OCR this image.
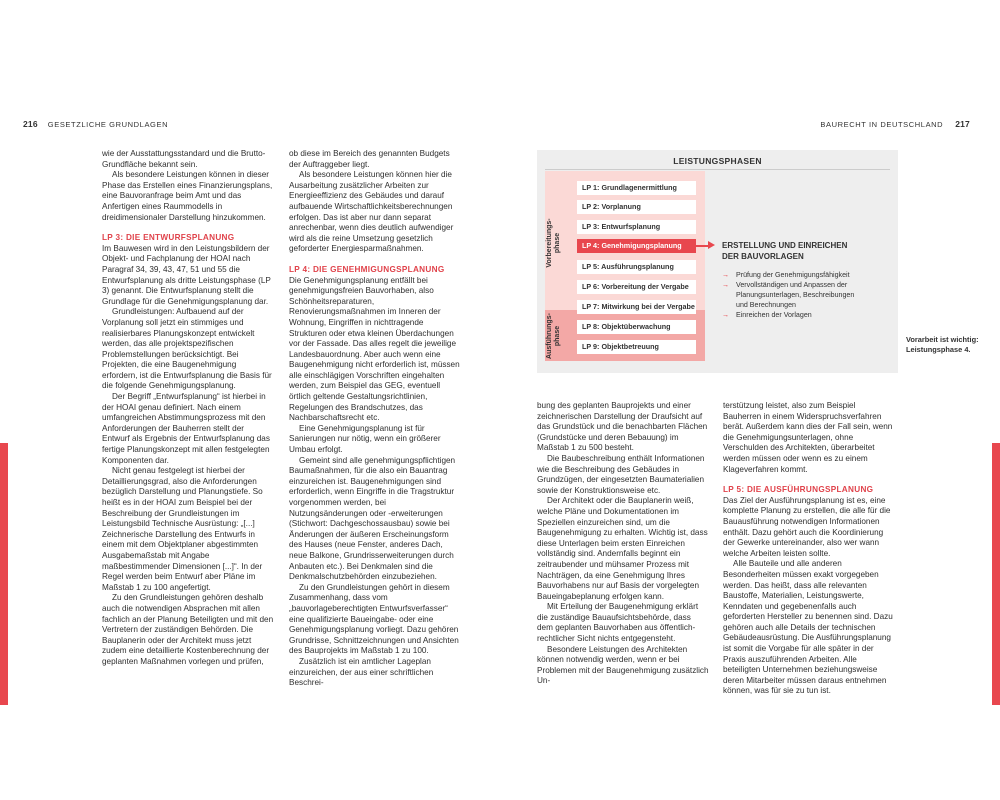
216 GESETZLICHE GRUNDLAGEN	BAURECHT IN DEUTSCHLAND 217

wie der Ausstattungsstandard und die Brutto-Grundfläche bekannt sein.

Als besondere Leistungen können in dieser Phase das Erstellen eines Finanzierungsplans, eine Bauvoranfrage beim Amt und das Anfertigen eines Raummodells in dreidimensionaler Darstellung hinzukommen.

LP 3: DIE ENTWURFSPLANUNG

Im Bauwesen wird in den Leistungsbildern der Objekt- und Fachplanung der HOAI nach Paragraf 34, 39, 43, 47, 51 und 55 die Entwurfsplanung als dritte Leistungsphase (LP 3) genannt. Die Entwurfsplanung stellt die Grundlage für die Genehmigungsplanung dar.

Grundleistungen: Aufbauend auf der Vorplanung soll jetzt ein stimmiges und realisierbares Planungskonzept entwickelt werden, das alle projektspezifischen Problemstellungen berücksichtigt. Bei Projekten, die eine Baugenehmigung erfordern, ist die Entwurfsplanung die Basis für die folgende Genehmigungsplanung.

Der Begriff „Entwurfsplanung“ ist hierbei in der HOAI genau definiert. Nach einem umfangreichen Abstimmungsprozess mit den Anforderungen der Bauherren stellt der Entwurf als Ergebnis der Entwurfsplanung das fertige Planungskonzept mit allen festgelegten Komponenten dar.

Nicht genau festgelegt ist hierbei der Detaillierungsgrad, also die Anforderungen bezüglich Darstellung und Planungstiefe. So heißt es in der HOAI zum Beispiel bei der Beschreibung der Grundleistungen im Leistungsbild Technische Ausrüstung: „[...] Zeichnerische Darstellung des Entwurfs in einem mit dem Objektplaner abgestimmten Ausgabemaßstab mit Angabe maßbestimmender Dimensionen [...]“. In der Regel werden beim Entwurf aber Pläne im Maßstab 1 zu 100 angefertigt.

Zu den Grundleistungen gehören deshalb auch die notwendigen Absprachen mit allen fachlich an der Planung Beteiligten und mit den Vertretern der zuständigen Behörden. Die Bauplanerin oder der Architekt muss jetzt zudem eine detaillierte Kostenberechnung der geplanten Maßnahmen vorlegen und prüfen,

ob diese im Bereich des genannten Budgets der Auftraggeber liegt.

Als besondere Leistungen können hier die Ausarbeitung zusätzlicher Arbeiten zur Energieeffizienz des Gebäudes und darauf aufbauende Wirtschaftlichkeitsberechnungen erfolgen. Das ist aber nur dann separat anrechenbar, wenn dies deutlich aufwendiger wird als die reine Umsetzung gesetzlich geforderter Energiesparmaßnahmen.

LP 4: DIE GENEHMIGUNGSPLANUNG

Die Genehmigungsplanung entfällt bei genehmigungsfreien Bauvorhaben, also Schönheitsreparaturen, Renovierungsmaßnahmen im Inneren der Wohnung, Eingriffen in nichttragende Strukturen oder etwa kleinen Überdachungen vor der Fassade. Das alles regelt die jeweilige Landesbauordnung. Aber auch wenn eine Baugenehmigung nicht erforderlich ist, müssen alle einschlägigen Vorschriften eingehalten werden, zum Beispiel das GEG, eventuell örtlich geltende Gestaltungsrichtlinien, Regelungen des Brandschutzes, das Nachbarschaftsrecht etc.

Eine Genehmigungsplanung ist für Sanierungen nur nötig, wenn ein größerer Umbau erfolgt.

Gemeint sind alle genehmigungspflichtigen Baumaßnahmen, für die also ein Bauantrag einzureichen ist. Baugenehmigungen sind erforderlich, wenn Eingriffe in die Tragstruktur vorgenommen werden, bei Nutzungsänderungen oder -erweiterungen (Stichwort: Dachgeschossausbau) sowie bei Änderungen der äußeren Erscheinungsform des Hauses (neue Fenster, anderes Dach, neue Balkone, Grundrisserweiterungen durch Anbauten etc.). Bei Denkmalen sind die Denkmalschutzbehörden einzubeziehen.

Zu den Grundleistungen gehört in diesem Zusammenhang, dass vom „bauvorlageberechtigten Entwurfsverfasser“ eine qualifizierte Baueingabe- oder eine Genehmigungsplanung vorliegt. Dazu gehören Grundrisse, Schnittzeichnungen und Ansichten des Bauprojekts im Maßstab 1 zu 100.

Zusätzlich ist ein amtlicher Lageplan einzureichen, der aus einer schriftlichen Beschrei-

bung des geplanten Bauprojekts und einer zeichnerischen Darstellung der Draufsicht auf das Grundstück und die benachbarten Flächen (Grundstücke und deren Bebauung) im Maßstab 1 zu 500 besteht.

Die Baubeschreibung enthält Informationen wie die Beschreibung des Gebäudes in Grundzügen, der eingesetzten Baumaterialien sowie der Konstruktionsweise etc.

Der Architekt oder die Bauplanerin weiß, welche Pläne und Dokumentationen im Speziellen einzureichen sind, um die Baugenehmigung zu erhalten. Wichtig ist, dass diese Unterlagen beim ersten Einreichen vollständig sind. Andernfalls beginnt ein zeitraubender und mühsamer Prozess mit Nachträgen, da eine Genehmigung Ihres Bauvorhabens nur auf Basis der vorgelegten Baueingabeplanung erfolgen kann.

Mit Erteilung der Baugenehmigung erklärt die zuständige Bauaufsichtsbehörde, dass dem geplanten Bauvorhaben aus öffentlich-rechtlicher Sicht nichts entgegensteht.

Besondere Leistungen des Architekten können notwendig werden, wenn er bei Problemen mit der Baugenehmigung zusätzlich Un-

terstützung leistet, also zum Beispiel Bauherren in einem Widerspruchsverfahren berät. Außerdem kann dies der Fall sein, wenn die Genehmigungsunterlagen, ohne Verschulden des Architekten, überarbeitet werden müssen oder wenn es zu einem Klageverfahren kommt.

LP 5: DIE AUSFÜHRUNGSPLANUNG

Das Ziel der Ausführungsplanung ist es, eine komplette Planung zu erstellen, die alle für die Bauausführung notwendigen Informationen enthält. Dazu gehört auch die Koordinierung der Gewerke untereinander, also wer wann welche Arbeiten leisten sollte.

Alle Bauteile und alle anderen Besonderheiten müssen exakt vorgegeben werden. Das heißt, dass alle relevanten Baustoffe, Materialien, Leistungswerte, Kenndaten und gegebenenfalls auch geforderten Hersteller zu benennen sind. Dazu gehören auch alle Details der technischen Gebäudeausrüstung. Die Ausführungsplanung ist somit die Vorgabe für alle später in der Praxis auszuführenden Arbeiten. Alle beteiligten Unternehmen beziehungsweise deren Mitarbeiter müssen daraus entnehmen können, was für sie zu tun ist.

LEISTUNGSPHASEN
Vorbereitungs-
phase
Ausführungs-
phase
LP 1: Grundlagenermittlung
LP 2: Vorplanung
LP 3: Entwurfsplanung
LP 4: Genehmigungsplanung
LP 5: Ausführungsplanung
LP 6: Vorbereitung der Vergabe
LP 7: Mitwirkung bei der Vergabe
LP 8: Objektüberwachung
LP 9: Objektbetreuung
ERSTELLUNG UND EINREICHEN DER BAUVORLAGEN
→ Prüfung der Genehmigungsfähigkeit
→ Vervollständigen und Anpassen der Planungsunterlagen, Beschreibungen und Berechnungen
→ Einreichen der Vorlagen
Vorarbeit ist wichtig: Leistungsphase 4.
